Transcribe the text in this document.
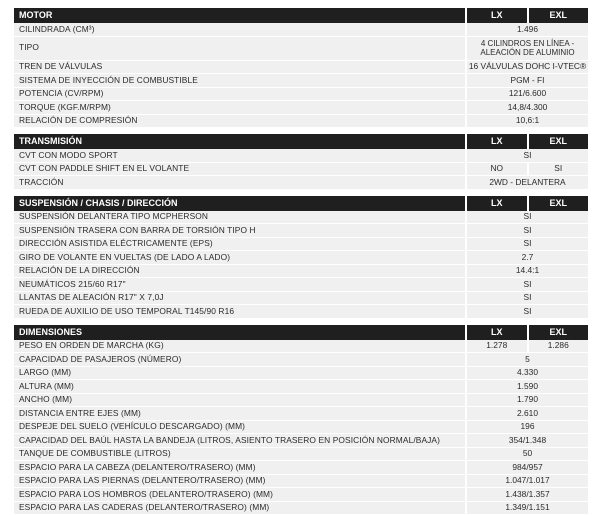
MOTOR	LX	EXL
CILINDRADA (CM³)	1.496
TIPO	4 CILINDROS EN LÍNEA - ALEACIÓN DE ALUMINIO
TREN DE VÁLVULAS	16 VÁLVULAS DOHC I-VTEC®
SISTEMA DE INYECCIÓN DE COMBUSTIBLE	PGM - FI
POTENCIA (CV/RPM)	121/6.600
TORQUE (KGF.M/RPM)	14,8/4.300
RELACIÓN DE COMPRESIÓN	10,6:1
TRANSMISIÓN	LX	EXL
CVT CON MODO SPORT	SI
CVT CON PADDLE SHIFT EN EL VOLANTE	NO	SI
TRACCIÓN	2WD - DELANTERA
SUSPENSIÓN / CHASIS / DIRECCIÓN	LX	EXL
SUSPENSIÓN DELANTERA TIPO MCPHERSON	SI
SUSPENSIÓN TRASERA CON BARRA DE TORSIÓN TIPO H	SI
DIRECCIÓN ASISTIDA ELÉCTRICAMENTE (EPS)	SI
GIRO DE VOLANTE EN VUELTAS (DE LADO A LADO)	2.7
RELACIÓN DE LA DIRECCIÓN	14.4:1
NEUMÁTICOS 215/60 R17"	SI
LLANTAS DE ALEACIÓN R17" X 7,0J	SI
RUEDA DE AUXILIO DE USO TEMPORAL T145/90 R16	SI
DIMENSIONES	LX	EXL
PESO EN ORDEN DE MARCHA (KG)	1.278	1.286
CAPACIDAD DE PASAJEROS (NÚMERO)	5
LARGO (MM)	4.330
ALTURA (MM)	1.590
ANCHO (MM)	1.790
DISTANCIA ENTRE EJES (MM)	2.610
DESPEJE DEL SUELO (VEHÍCULO DESCARGADO) (MM)	196
CAPACIDAD DEL BAÚL HASTA LA BANDEJA (LITROS, ASIENTO TRASERO EN POSICIÓN NORMAL/BAJA)	354/1.348
TANQUE DE COMBUSTIBLE (LITROS)	50
ESPACIO PARA LA CABEZA (DELANTERO/TRASERO) (MM)	984/957
ESPACIO PARA LAS PIERNAS (DELANTERO/TRASERO) (MM)	1.047/1.017
ESPACIO PARA LOS HOMBROS (DELANTERO/TRASERO) (MM)	1.438/1.357
ESPACIO PARA LAS CADERAS (DELANTERO/TRASERO) (MM)	1.349/1.151
